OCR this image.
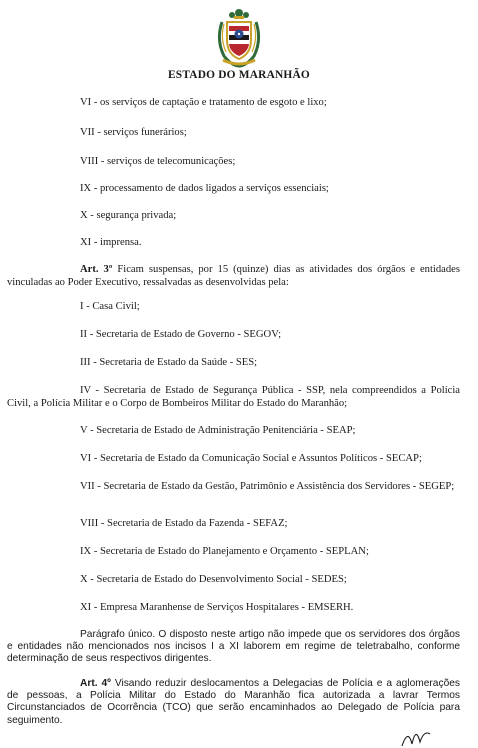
ESTADO DO MARANHÃO
VI - os serviços de captação e tratamento de esgoto e lixo;
VII - serviços funerários;
VIII - serviços de telecomunicações;
IX - processamento de dados ligados a serviços essenciais;
X - segurança privada;
XI - imprensa.
Art. 3º Ficam suspensas, por 15 (quinze) dias as atividades dos órgãos e entidades vinculadas ao Poder Executivo, ressalvadas as desenvolvidas pela:
I - Casa Civil;
II - Secretaria de Estado de Governo - SEGOV;
III - Secretaria de Estado da Saúde - SES;
IV - Secretaria de Estado de Segurança Pública - SSP, nela compreendidos a Polícia Civil, a Polícia Militar e o Corpo de Bombeiros Militar do Estado do Maranhão;
V - Secretaria de Estado de Administração Penitenciária - SEAP;
VI - Secretaria de Estado da Comunicação Social e Assuntos Políticos - SECAP;
VII - Secretaria de Estado da Gestão, Patrimônio e Assistência dos Servidores - SEGEP;
VIII - Secretaria de Estado da Fazenda - SEFAZ;
IX - Secretaria de Estado do Planejamento e Orçamento - SEPLAN;
X - Secretaria de Estado do Desenvolvimento Social - SEDES;
XI - Empresa Maranhense de Serviços Hospitalares - EMSERH.
Parágrafo único. O disposto neste artigo não impede que os servidores dos órgãos e entidades não mencionados nos incisos I a XI laborem em regime de teletrabalho, conforme determinação de seus respectivos dirigentes.
Art. 4º Visando reduzir deslocamentos a Delegacias de Polícia e a aglomerações de pessoas, a Polícia Militar do Estado do Maranhão fica autorizada a lavrar Termos Circunstanciados de Ocorrência (TCO) que serão encaminhados ao Delegado de Polícia para seguimento.
